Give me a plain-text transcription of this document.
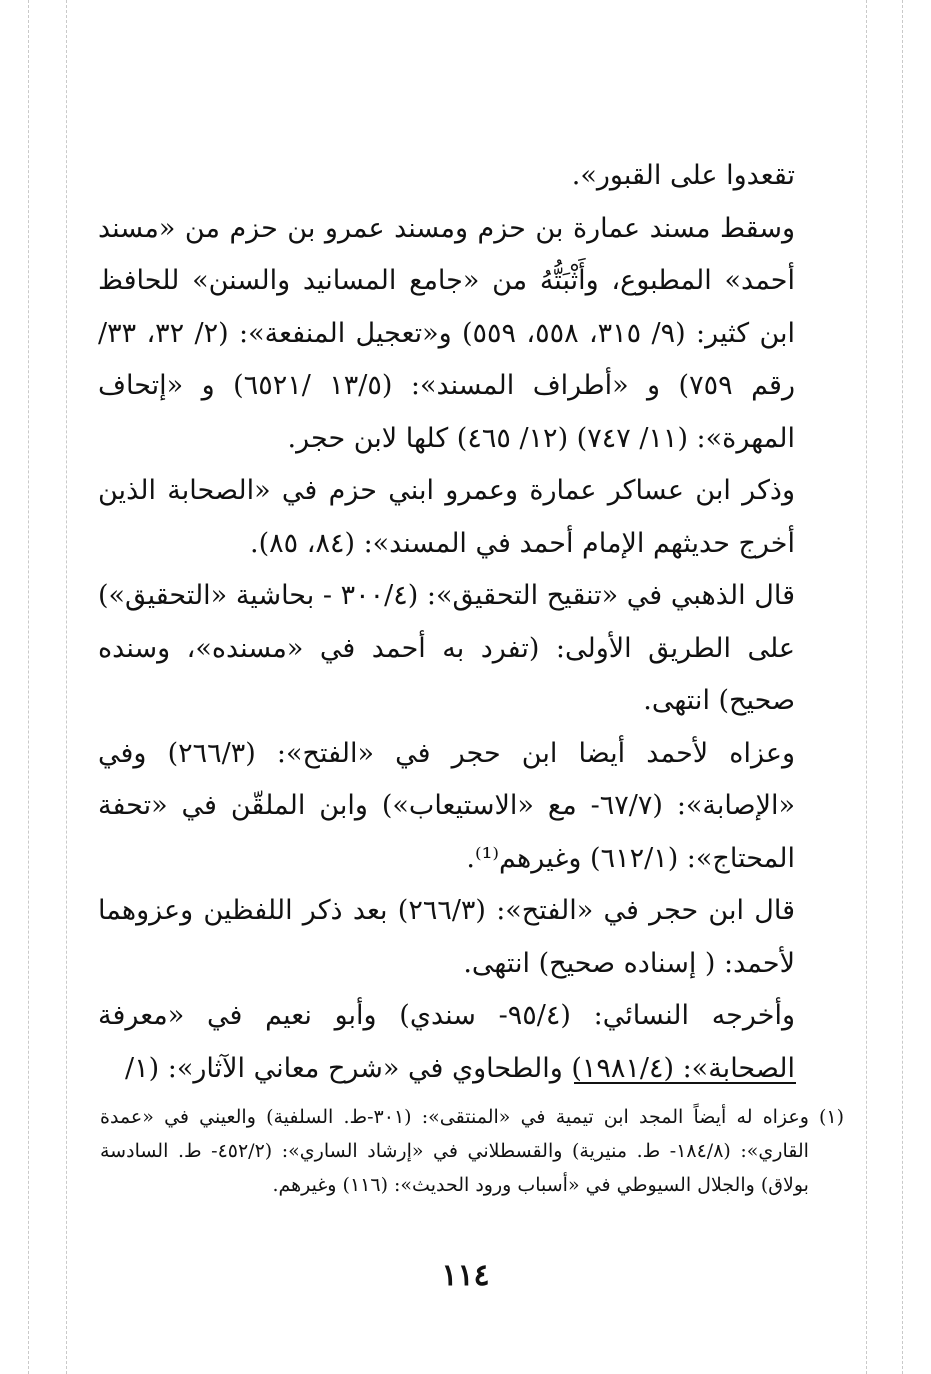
تقعدوا على القبور».

وسقط مسند عمارة بن حزم ومسند عمرو بن حزم من «مسند أحمد» المطبوع، وأَثْبَتُّهُ من «جامع المسانيد والسنن» للحافظ ابن كثير: (٩/ ٣١٥، ٥٥٨، ٥٥٩) و«تعجيل المنفعة»: (٢/ ٣٢، ٣٣/رقم ٧٥٩) و «أطراف المسند»: (١٣/٥ /٦٥٢١) و «إتحاف المهرة»: (١١/ ٧٤٧) (١٢/ ٤٦٥) كلها لابن حجر.

وذكر ابن عساكر عمارة وعمرو ابني حزم في «الصحابة الذين أخرج حديثهم الإمام أحمد في المسند»: (٨٤، ٨٥).

قال الذهبي في «تنقيح التحقيق»: (٣٠٠/٤ - بحاشية «التحقيق») على الطريق الأولى: (تفرد به أحمد في «مسنده»، وسنده صحيح) انتهى.

وعزاه لأحمد أيضا ابن حجر في «الفتح»: (٢٦٦/٣) وفي «الإصابة»: (٦٧/٧- مع «الاستيعاب») وابن الملقّن في «تحفة المحتاج»: (٦١٢/١) وغيرهم⁽¹⁾.

قال ابن حجر في «الفتح»: (٢٦٦/٣) بعد ذكر اللفظين وعزوهما لأحمد: ( إسناده صحيح) انتهى.

وأخرجه النسائي: (٩٥/٤- سندي) وأبو نعيم في «معرفة الصحابة»: (١٩٨١/٤) والطحاوي في «شرح معاني الآثار»: (١/

(١)
وعزاه له أيضاً المجد ابن تيمية في «المنتقى»: (٣٠١-ط. السلفية) والعيني في «عمدة القاري»: (١٨٤/٨- ط. منيرية) والقسطلاني في «إرشاد الساري»: (٤٥٢/٢- ط. السادسة بولاق) والجلال السيوطي في «أسباب ورود الحديث»: (١١٦) وغيرهم.
١١٤
